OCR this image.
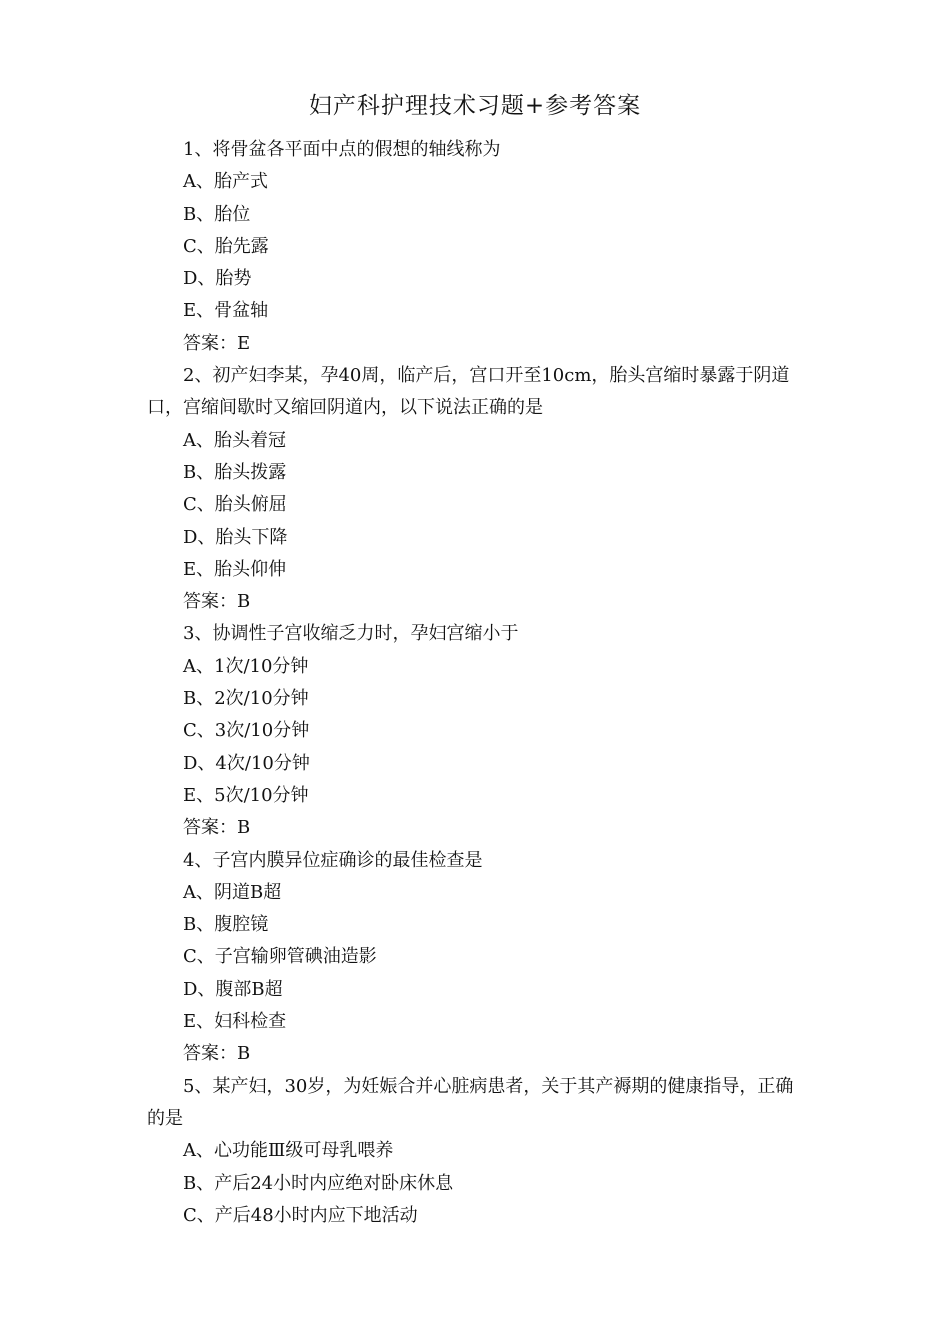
妇产科护理技术习题+参考答案

1、将骨盆各平面中点的假想的轴线称为

A、胎产式

B、胎位

C、胎先露

D、胎势

E、骨盆轴

答案：E

2、初产妇李某，孕40周，临产后，宫口开至10cm，胎头宫缩时暴露于阴道口，宫缩间歇时又缩回阴道内，以下说法正确的是

A、胎头着冠

B、胎头拨露

C、胎头俯屈

D、胎头下降

E、胎头仰伸

答案：B

3、协调性子宫收缩乏力时，孕妇宫缩小于

A、1次/10分钟

B、2次/10分钟

C、3次/10分钟

D、4次/10分钟

E、5次/10分钟

答案：B

4、子宫内膜异位症确诊的最佳检查是

A、阴道B超

B、腹腔镜

C、子宫输卵管碘油造影

D、腹部B超

E、妇科检查

答案：B

5、某产妇，30岁，为妊娠合并心脏病患者，关于其产褥期的健康指导，正确的是

A、心功能Ⅲ级可母乳喂养

B、产后24小时内应绝对卧床休息

C、产后48小时内应下地活动
